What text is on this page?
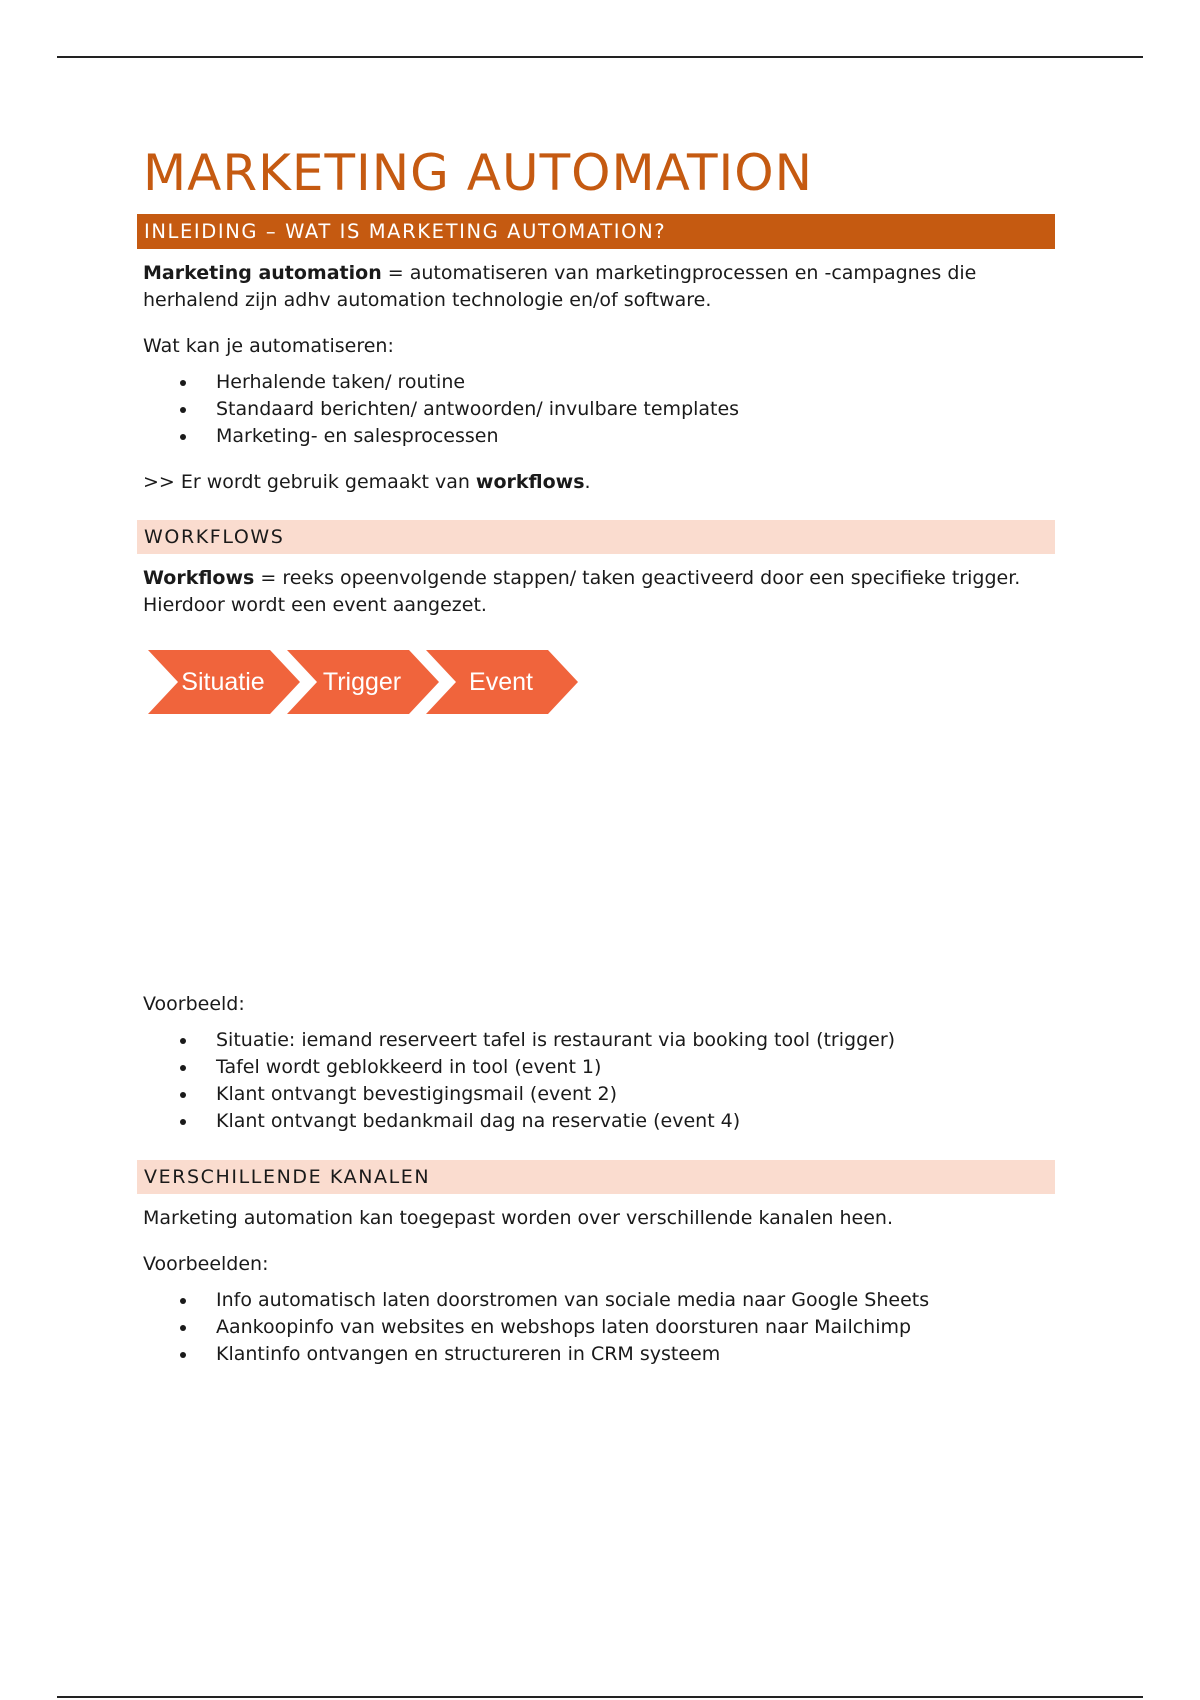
MARKETING AUTOMATION
INLEIDING – WAT IS MARKETING AUTOMATION?

Marketing automation = automatiseren van marketingprocessen en -campagnes die herhalend zijn adhv automation technologie en/of software.

Wat kan je automatiseren:

Herhalende taken/ routine
Standaard berichten/ antwoorden/ invulbare templates
Marketing- en salesprocessen

>> Er wordt gebruik gemaakt van workflows.

WORKFLOWS

Workflows = reeks opeenvolgende stappen/ taken geactiveerd door een specifieke trigger. Hierdoor wordt een event aangezet.

Situatie	Trigger	Event

Voorbeeld:

Situatie: iemand reserveert tafel is restaurant via booking tool (trigger)
Tafel wordt geblokkeerd in tool (event 1)
Klant ontvangt bevestigingsmail (event 2)
Klant ontvangt bedankmail dag na reservatie (event 4)
VERSCHILLENDE KANALEN

Marketing automation kan toegepast worden over verschillende kanalen heen.

Voorbeelden:

Info automatisch laten doorstromen van sociale media naar Google Sheets
Aankoopinfo van websites en webshops laten doorsturen naar Mailchimp
Klantinfo ontvangen en structureren in CRM systeem
